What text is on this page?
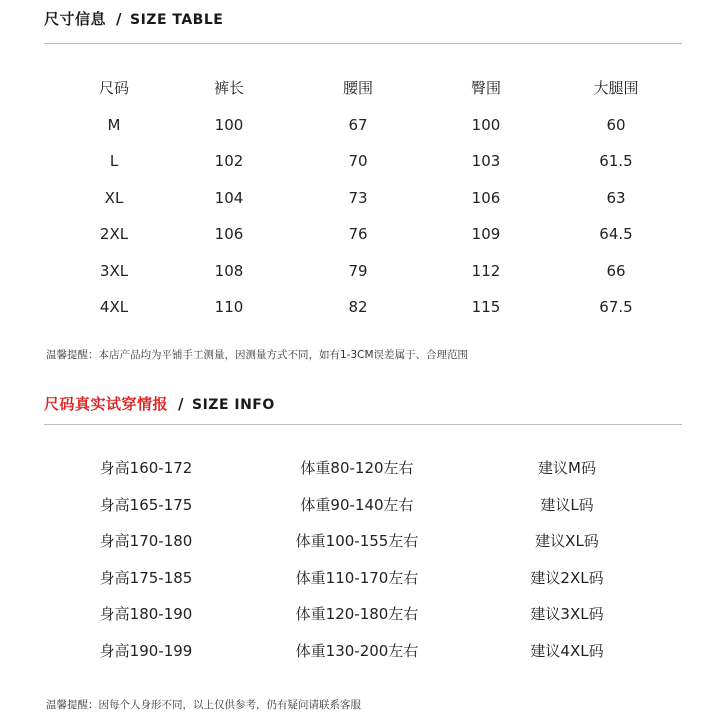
尺寸信息 / SIZE TABLE
尺码	裤长	腰围	臀围	大腿围
M	100	67	100	60
L	102	70	103	61.5
XL	104	73	106	63
2XL	106	76	109	64.5
3XL	108	79	112	66
4XL	110	82	115	67.5
温馨提醒：本店产品均为平铺手工测量，因测量方式不同，如有1-3CM误差属于、合理范围
尺码真实试穿情报 / SIZE INFO
身高160-172	体重80-120左右	建议M码
身高165-175	体重90-140左右	建议L码
身高170-180	体重100-155左右	建议XL码
身高175-185	体重110-170左右	建议2XL码
身高180-190	体重120-180左右	建议3XL码
身高190-199	体重130-200左右	建议4XL码
温馨提醒：因每个人身形不同，以上仅供参考，仍有疑问请联系客服
